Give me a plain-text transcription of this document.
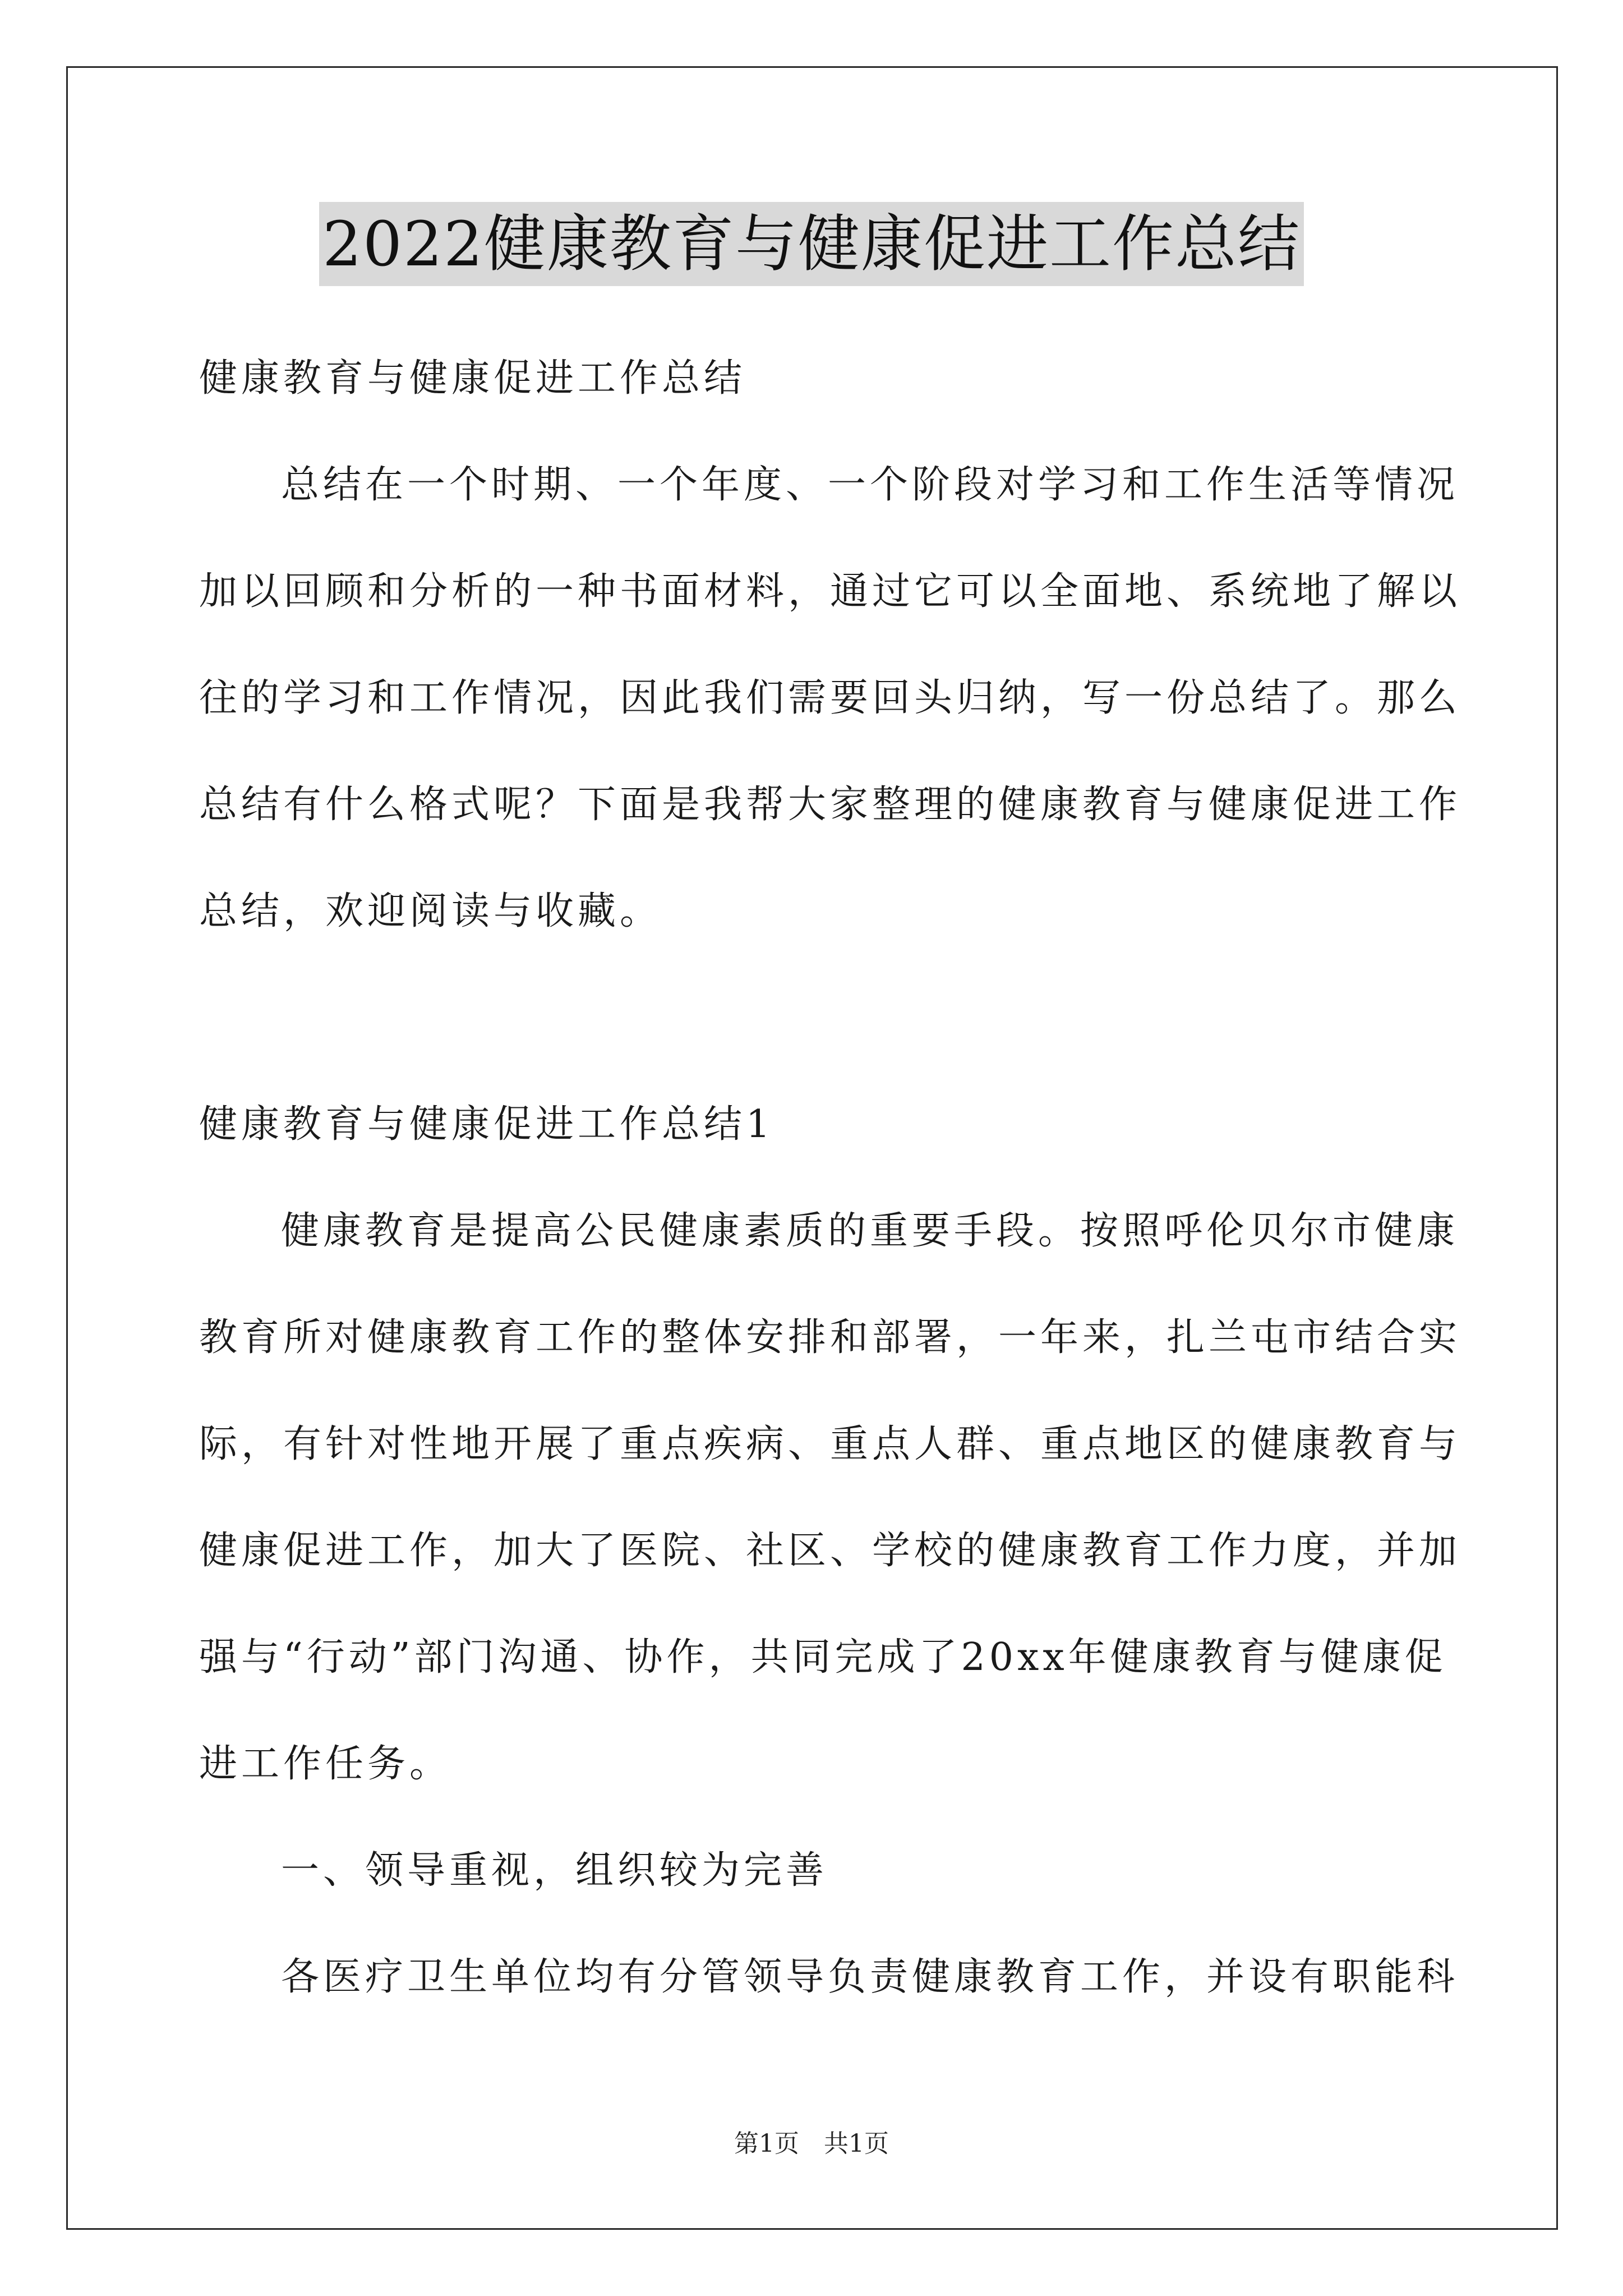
2022健康教育与健康促进工作总结
健康教育与健康促进工作总结
总结在一个时期、一个年度、一个阶段对学习和工作生活等情况
加以回顾和分析的一种书面材料，通过它可以全面地、系统地了解以
往的学习和工作情况，因此我们需要回头归纳，写一份总结了。那么
总结有什么格式呢？下面是我帮大家整理的健康教育与健康促进工作
总结，欢迎阅读与收藏。
健康教育与健康促进工作总结1
健康教育是提高公民健康素质的重要手段。按照呼伦贝尔市健康
教育所对健康教育工作的整体安排和部署，一年来，扎兰屯市结合实
际，有针对性地开展了重点疾病、重点人群、重点地区的健康教育与
健康促进工作，加大了医院、社区、学校的健康教育工作力度，并加
强与“行动”部门沟通、协作，共同完成了20xx年健康教育与健康促
进工作任务。
一、领导重视，组织较为完善
各医疗卫生单位均有分管领导负责健康教育工作，并设有职能科
第1页　共1页
